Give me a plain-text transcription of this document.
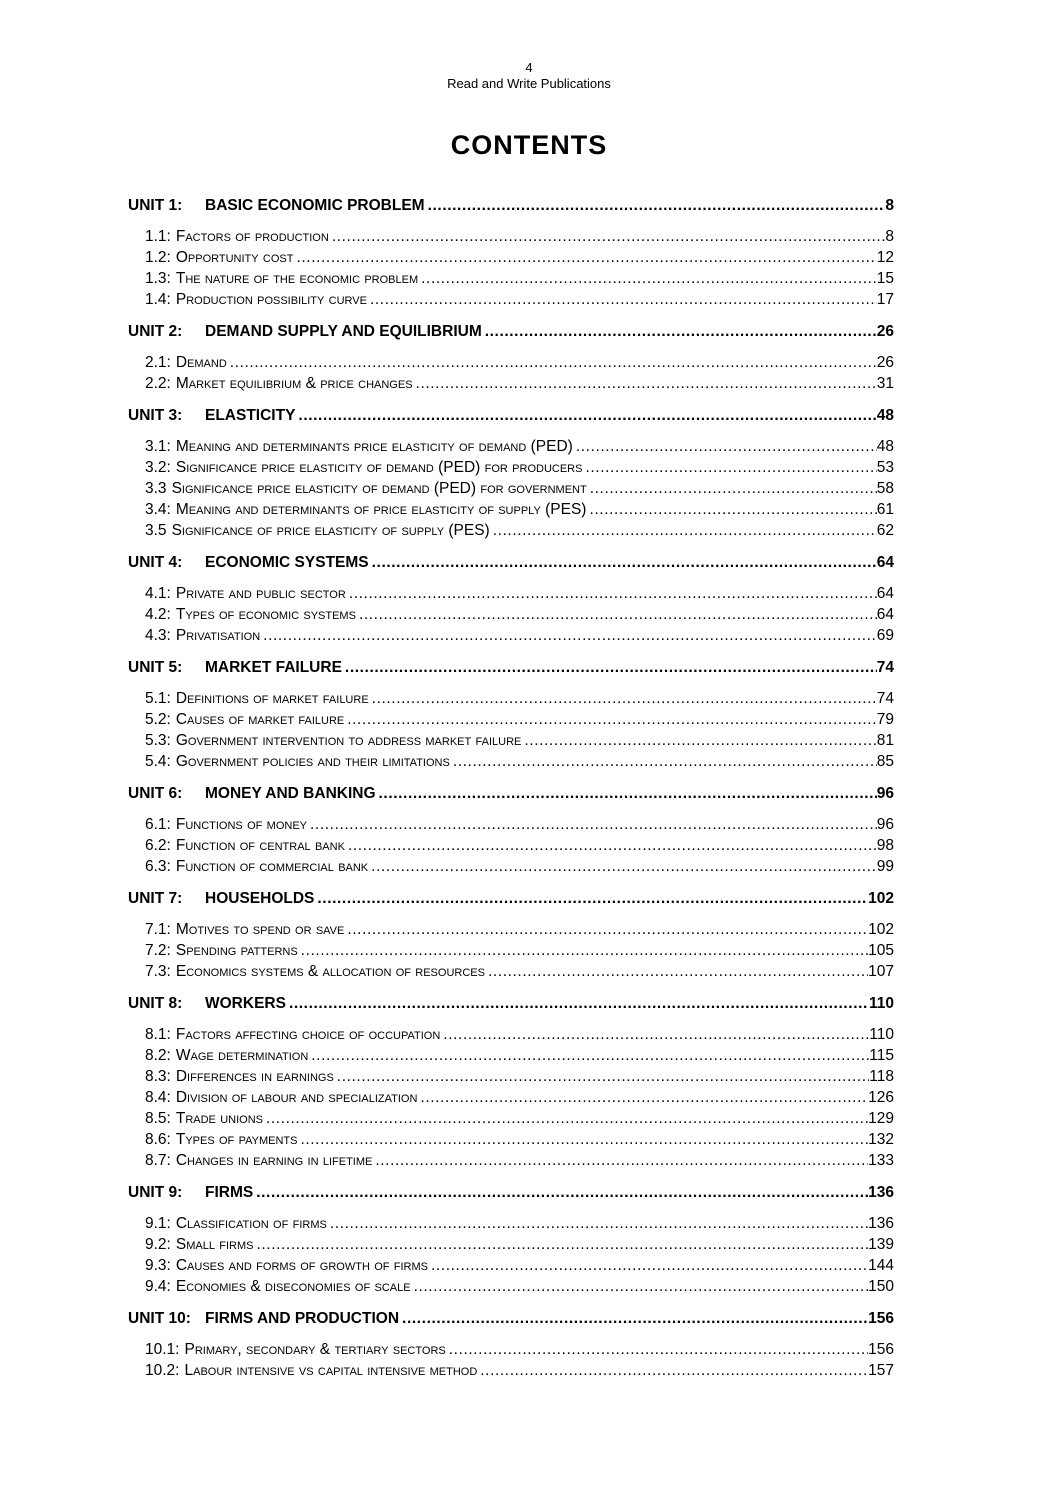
4
Read and Write Publications
CONTENTS
UNIT 1:	BASIC ECONOMIC PROBLEM .....	8
1.1: Factors of production .....	8
1.2: Opportunity cost .....	12
1.3: The nature of the economic problem .....	15
1.4: Production possibility curve .....	17
UNIT 2:	DEMAND SUPPLY AND EQUILIBRIUM .....	26
2.1: Demand .....	26
2.2: Market equilibrium & price changes .....	31
UNIT 3:	ELASTICITY .....	48
3.1: Meaning and determinants price elasticity of demand (PED) .....	48
3.2: Significance price elasticity of demand (PED) for producers .....	53
3.3 Significance price elasticity of demand (PED) for government .....	58
3.4: Meaning and determinants of price elasticity of supply (PES) .....	61
3.5 Significance of price elasticity of supply (PES) .....	62
UNIT 4:	ECONOMIC SYSTEMS .....	64
4.1: Private and public sector .....	64
4.2: Types of economic systems .....	64
4.3: Privatisation .....	69
UNIT 5:	MARKET FAILURE .....	74
5.1: Definitions of market failure .....	74
5.2: Causes of market failure .....	79
5.3: Government intervention to address market failure .....	81
5.4: Government policies and their limitations .....	85
UNIT 6:	MONEY AND BANKING .....	96
6.1: Functions of money .....	96
6.2: Function of central bank .....	98
6.3: Function of commercial bank .....	99
UNIT 7:	HOUSEHOLDS .....	102
7.1: Motives to spend or save .....	102
7.2: Spending patterns .....	105
7.3: Economics systems & allocation of resources .....	107
UNIT 8:	WORKERS .....	110
8.1: Factors affecting choice of occupation .....	110
8.2: Wage determination .....	115
8.3: Differences in earnings .....	118
8.4: Division of labour and specialization .....	126
8.5: Trade unions .....	129
8.6: Types of payments .....	132
8.7: Changes in earning in lifetime .....	133
UNIT 9:	FIRMS .....	136
9.1: Classification of firms .....	136
9.2: Small firms .....	139
9.3: Causes and forms of growth of firms .....	144
9.4: Economies & diseconomies of scale .....	150
UNIT 10: FIRMS AND PRODUCTION .....	156
10.1: Primary, secondary & tertiary sectors .....	156
10.2: Labour intensive vs capital intensive method .....	157
